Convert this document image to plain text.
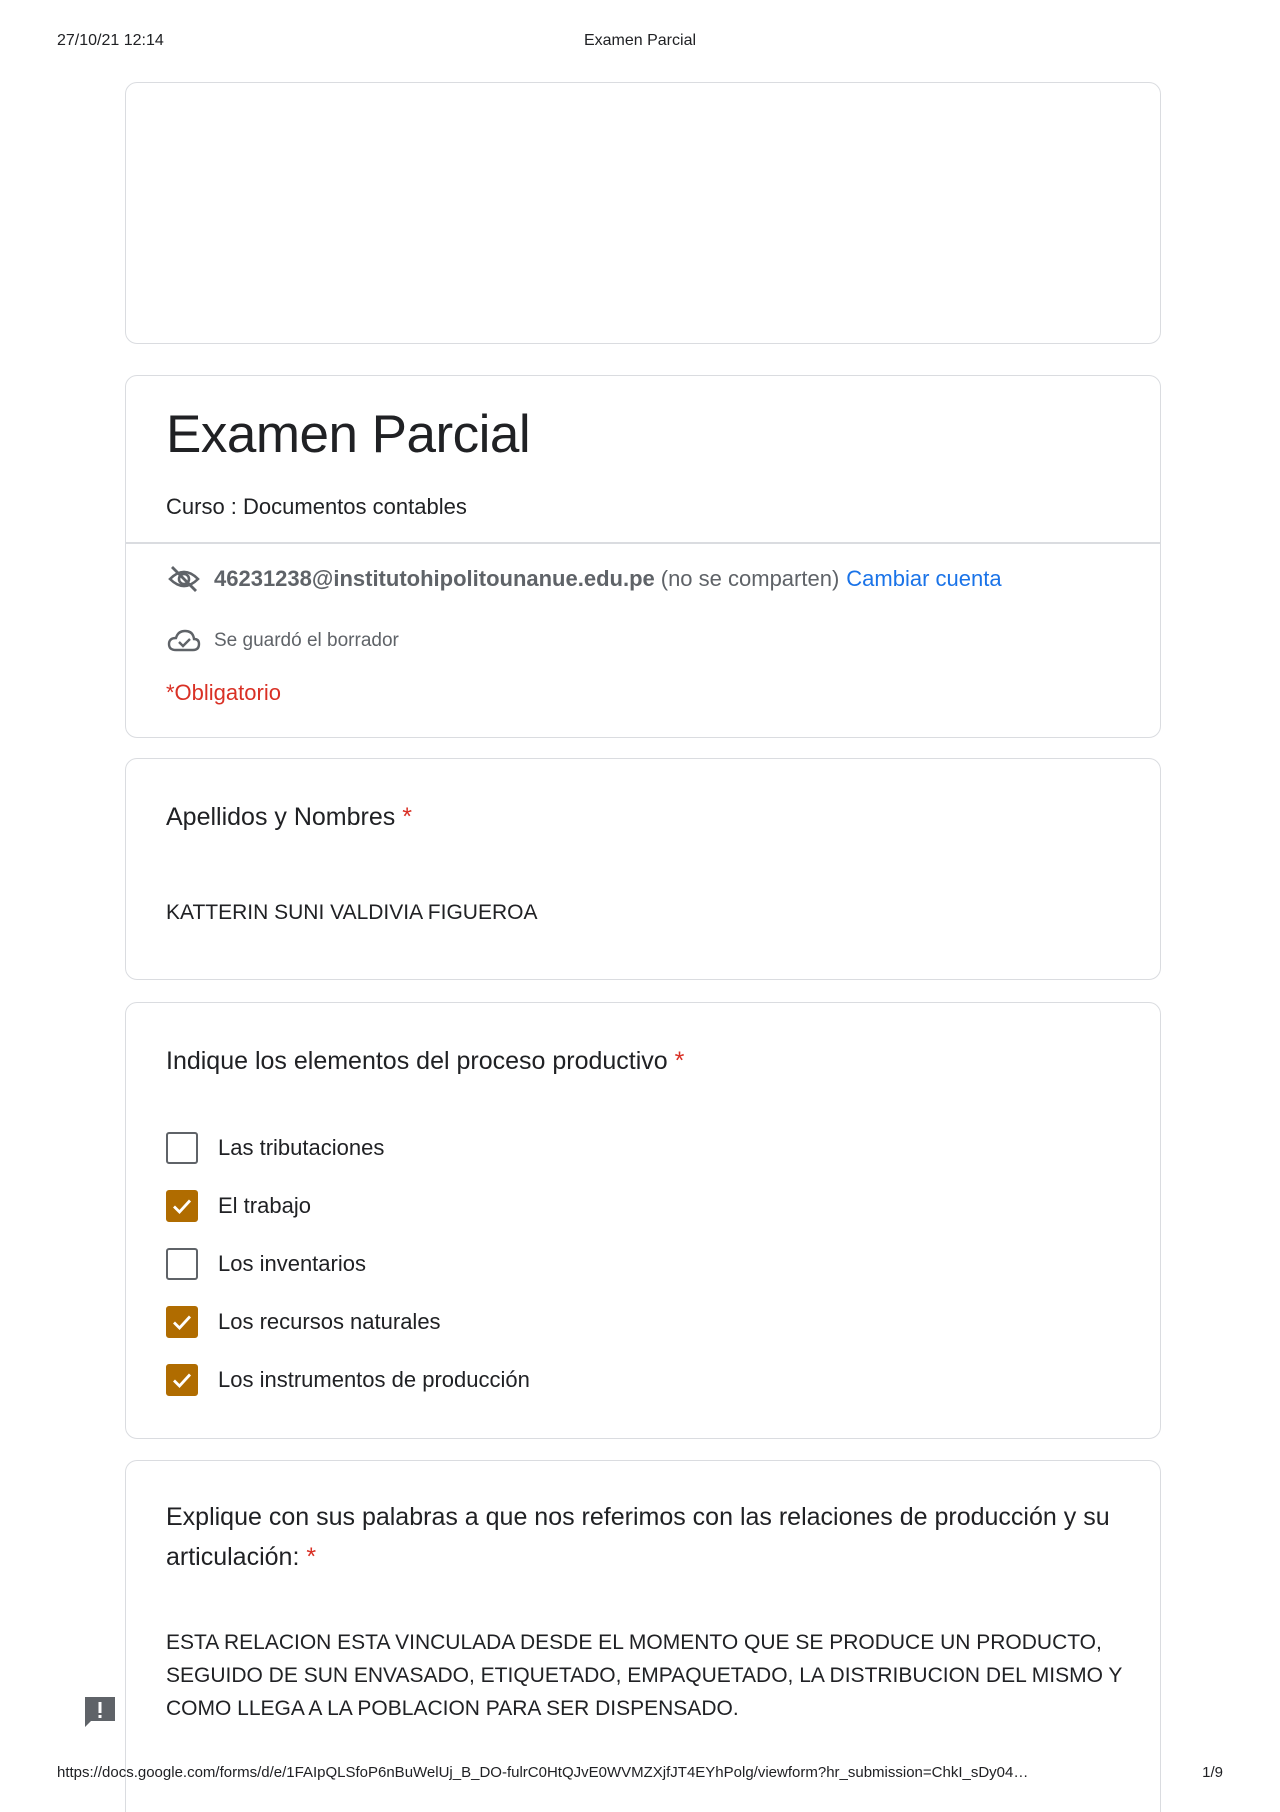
27/10/21 12:14	Examen Parcial
Examen Parcial
Curso : Documentos contables
46231238@institutohipolitounanue.edu.pe (no se comparten) Cambiar cuenta
Se guardó el borrador
*Obligatorio
Apellidos y Nombres *
KATTERIN SUNI VALDIVIA FIGUEROA
Indique los elementos del proceso productivo *
Las tributaciones
El trabajo
Los inventarios
Los recursos naturales
Los instrumentos de producción
Explique con sus palabras a que nos referimos con las relaciones de producción y su articulación: *
ESTA RELACION ESTA VINCULADA DESDE EL MOMENTO QUE SE PRODUCE UN PRODUCTO, SEGUIDO DE SUN ENVASADO, ETIQUETADO, EMPAQUETADO, LA DISTRIBUCION DEL MISMO Y COMO LLEGA A LA POBLACION PARA SER DISPENSADO.
https://docs.google.com/forms/d/e/1FAIpQLSfoP6nBuWelUj_B_DO-fulrC0HtQJvE0WVMZXjfJT4EYhPolg/viewform?hr_submission=ChkI_sDy04…	1/9
